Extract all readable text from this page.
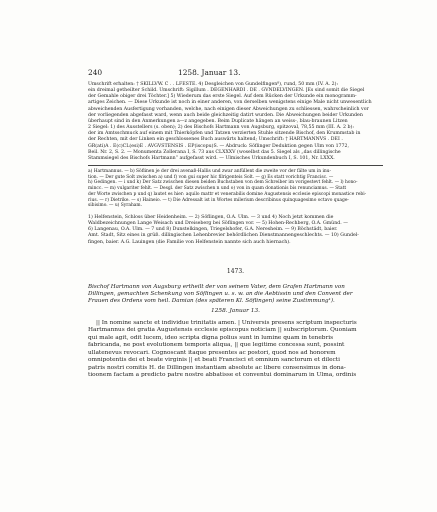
240	1258. Januar 13.

Umschrift erhalten: † SKILLVW. C . . LFESTE. 4) Desgleichen von Gundelfingen⁸), rund, 50 mm (IV. A. 2):

ein dreimal getheilter Schild. Umschrift: Sigillum . DEGENHARDI . DE . GVNDELVINGEN. [Es sind somit die Siegel

der Gemahle obiger drei Töchter.] 5) Wiederum das erste Siegel. Auf dem Rücken der Urkunde ein monogramm-

artiges Zeichen. — Diese Urkunde ist noch in einer anderen, von derselben wenigstens einige Male nicht unwesentlich

abweichenden Ausfertigung vorhanden, welche, nach einigen dieser Abweichungen zu schliessen, wahrscheinlich vor

der vorliegenden abgefasst ward, wenn auch beide gleichzeitig datirt wurden. Die Abweichungen beider Urkunden

überhaupt sind in den Anmerkungen a—z angegeben. Beim Duplicate hängen an weiss-, blau-braunen Litzen

2 Siegel: 1) des Ausstellers (s. oben); 2) des Bischofs Hartmann von Augsburg, spitzoval, 78,55 mm (III. A. 2 b):

der im Amtsschmuck auf einem mit Thierköpfen und Tatzen verzierten Stuhle sitzende Bischof, den Krummstab in

der Rechten, mit der Linken ein geschlossenes Buch auswärts haltend; Umschrift: † HARTMANNVS . DEI .

GR(ati)A . E(c)CL(esi)E . AVGVSTENSIS . EP(iscopu)S. — Abdruck: Söflinger Deduktion gegen Ulm von 1772,

Beil. Nr. 2, S. 2. — Monumenta Zollerana I, S. 73 aus CLXXXV (woselbst das 5. Siegel als „das dillingische

Stammsiegel des Bischofs Hartmann“ aufgefasst wird. — Ulmisches Urkundenbuch I, S. 101, Nr. LXXX.

a) Hartmannus. — b) Söflinen je der drei avenaß-Hallis und zwar anfüllent die zweite vor der fälte um in inu-

tion. — Der gute Solt zwischen a) und f) von gui super hic filrigenteis Solt. — g) Es statt vorichtig Francisc. —

h) Gedingen. — i und k) Der Satz zwischen diesen beiden Buchstaben von dem Schreiber im vorigestevt fehlt. — l) hono-

mincc. — m) vulgariter fehlt. — Desgl. der Satz zwischen n und o) von in quam donationis bis renunciamus. — Statt

der Worte zwischen p und q) lautet es hier: aquilo mattr et venerabilis domine Augustensis ecclesie episcopi monastice rebi-

rius. — r) Dietrike. — s) Haineio. — t) Die Adressalt ist in Wortes milerium describinus quinquagesimo octavo quage-

sibisimo. — u) Syraham.

1) Helfenstein, Schloss über Heidenheim. — 2) Söflingen, O.A. Ulm. — 3 und 4) Noch jetzt kommen die

Waldbezeichnungen Lange Weisach und Dreiseberg bei Söflingen vor. — 5) Hohen-Rechberg, O.A. Gmünd. —

6) Langenau, O.A. Ulm. — 7 und 8) Dunstelkingen, Triegelshofer, G.A. Neresheim. — 9) Böchstädt, baier.

Amt. Stadt, Sitz eines in grüß. dillingischen Lehenbrevier behördlichen Dienstmannengeschlechts. — 10) Gundel-

fingen, baier. A.G. Lauingen (die Familie von Helfenstein nannte sich auch hiernach).

1473.

Bischof Hartmann von Augsburg ertheilt der von seinem Vater, dem Grafen Hartmann von

Dillingen, gemachten Schenkung von Söflingen u. s. w. an die Aebtissin und den Convent der

Frauen des Ordens vom heil. Damian (des späteren Kl. Söflingen) seine Zustimmung¹).

1258. Januar 13.

|| In nomine sancte et individue trinitatis amen. | Universis presens scriptum inspecturis

Hartmannus dei gratia Augustensis ecclesie episcopus noticiam || subscriptorum. Quoniam

qui male agit, odit lucem, ideo scripta digna polius sunt in lumine quam in tenebris

fabricanda, ne post evolutionem temporis aliqua, || que legitime concessa sunt, possint

ullatenevus revocari. Cognoscant itaque presentes ac postori, quod nos ad honorem

omnipotentis dei et beate virginis || et beati Francisci et omnium sanctorum et dilecti

patris nostri comitis H. de Dillingen instantiam absolute ac libere consensimus in dona-

tioonem factam a predicto patre nostre abbatisse et conventui dominarum in Ulma, ordinis
